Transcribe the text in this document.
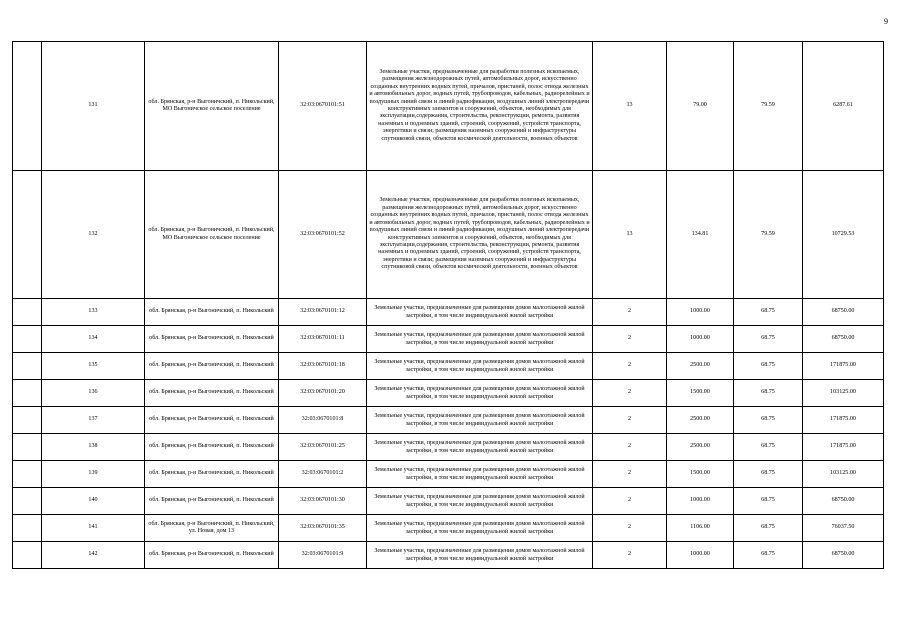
9
	131	обл. Брянская, р-н Выгоничский, п. Никольский, МО Выгоничское сельское поселение	32:03:0670101:51	Земельные участки, предназначенные для разработки полезных ископаемых, размещения железнодорожных путей, автомобильных дорог, искусственно созданных внутренних водных путей, причалов, пристаней, полос отвода железных и автомобильных дорог, водных путей, трубопроводов, кабельных, радиорелейных и воздушных линий связи и линий радиофикации, воздушных линий электропередачи конструктивных элементов и сооружений, объектов, необходимых для эксплуатации,содержания, строительства, реконструкции, ремонта, развития наземных и подземных зданий, строений, сооружений, устройств транспорта, энергетики и связи; размещения наземных сооружений и инфраструктуры спутниковой связи, объектов космической деятельности, военных объектов	13	79.00	79.59	6287.61
	132	обл. Брянская, р-н Выгоничский, п. Никольский, МО Выгоничское сельское поселение	32:03:0670101:52	Земельные участки, предназначенные для разработки полезных ископаемых, размещения железнодорожных путей, автомобильных дорог, искусственно созданных внутренних водных путей, причалов, пристаней, полос отвода железных и автомобильных дорог, водных путей, трубопроводов, кабельных, радиорелейных и воздушных линий связи и линий радиофикации, воздушных линий электропередачи конструктивных элементов и сооружений, объектов, необходимых для эксплуатации,содержания, строительства, реконструкции, ремонта, развития наземных и подземных зданий, строений, сооружений, устройств транспорта, энергетики и связи; размещения наземных сооружений и инфраструктуры спутниковой связи, объектов космической деятельности, военных объектов	13	134.81	79.59	10729.53
	133	обл. Брянская, р-н Выгоничский, п. Никольский	32:03:0670101:12	Земельные участки, предназначенные для размещения домов малоэтажной жилой застройки, в том числе индивидуальной жилой застройки	2	1000.00	68.75	68750.00
	134	обл. Брянская, р-н Выгоничский, п. Никольский	32:03:0670101:11	Земельные участки, предназначенные для размещения домов малоэтажной жилой застройки, в том числе индивидуальной жилой застройки	2	1000.00	68.75	68750.00
	135	обл. Брянская, р-н Выгоничский, п. Никольский	32:03:0670101:18	Земельные участки, предназначенные для размещения домов малоэтажной жилой застройки, в том числе индивидуальной жилой застройки	2	2500.00	68.75	171875.00
	136	обл. Брянская, р-н Выгоничский, п. Никольский	32:03:0670101:20	Земельные участки, предназначенные для размещения домов малоэтажной жилой застройки, в том числе индивидуальной жилой застройки	2	1500.00	68.75	103125.00
	137	обл. Брянская, р-н Выгоничский, п. Никольский	32:03:0670101:8	Земельные участки, предназначенные для размещения домов малоэтажной жилой застройки, в том числе индивидуальной жилой застройки	2	2500.00	68.75	171875.00
	138	обл. Брянская, р-н Выгоничский, п. Никольский	32:03:0670101:25	Земельные участки, предназначенные для размещения домов малоэтажной жилой застройки, в том числе индивидуальной жилой застройки	2	2500.00	68.75	171875.00
	139	обл. Брянская, р-н Выгоничский, п. Никольский	32:03:0670101:2	Земельные участки, предназначенные для размещения домов малоэтажной жилой застройки, в том числе индивидуальной жилой застройки	2	1500.00	68.75	103125.00
	140	обл. Брянская, р-н Выгоничский, п. Никольский	32:03:0670101:30	Земельные участки, предназначенные для размещения домов малоэтажной жилой застройки, в том числе индивидуальной жилой застройки	2	1000.00	68.75	68750.00
	141	обл. Брянская, р-н Выгоничский, п. Никольский, ул. Новая, дом 13	32:03:0670101:35	Земельные участки, предназначенные для размещения домов малоэтажной жилой застройки, в том числе индивидуальной жилой застройки	2	1106.00	68.75	76037.50
	142	обл. Брянская, р-н Выгоничский, п. Никольский	32:03:0670101:9	Земельные участки, предназначенные для размещения домов малоэтажной жилой застройки, в том числе индивидуальной жилой застройки	2	1000.00	68.75	68750.00
